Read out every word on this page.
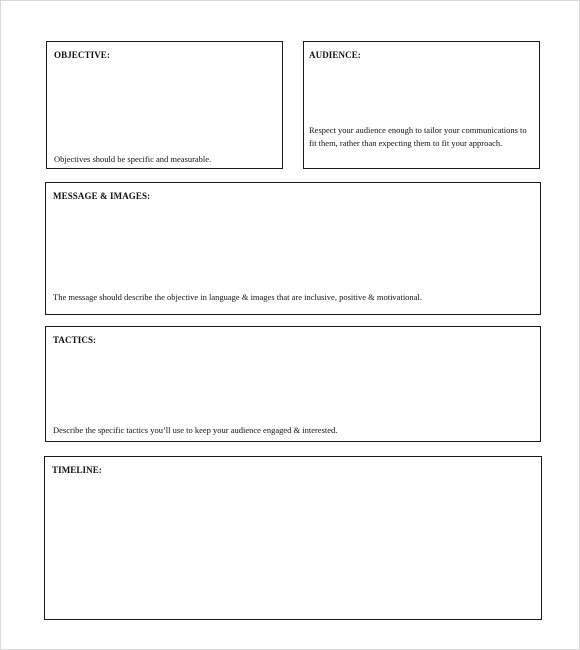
OBJECTIVE:
Objectives should be specific and measurable.
AUDIENCE:
Respect your audience enough to tailor your communications to fit them, rather than expecting them to fit your approach.
MESSAGE & IMAGES:
The message should describe the objective in language & images that are inclusive, positive & motivational.
TACTICS:
Describe the specific tactics you’ll use to keep your audience engaged & interested.
TIMELINE:
